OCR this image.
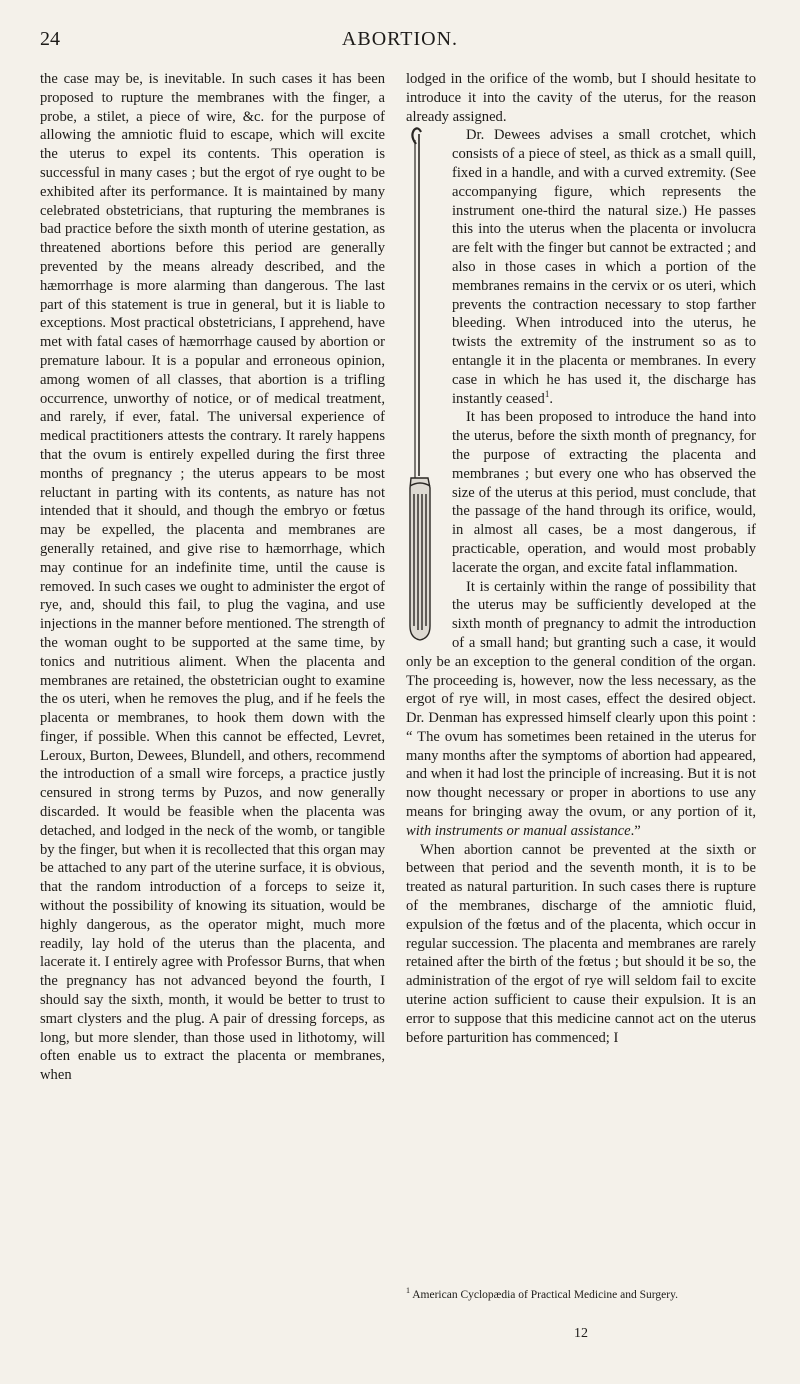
24	ABORTION.

the case may be, is inevitable. In such cases it has been proposed to rupture the membranes with the finger, a probe, a stilet, a piece of wire, &c. for the purpose of allowing the amniotic fluid to escape, which will excite the uterus to expel its contents. This operation is successful in many cases ; but the ergot of rye ought to be exhibited after its performance. It is maintained by many celebrated obstetricians, that rupturing the membranes is bad practice before the sixth month of uterine gestation, as threatened abortions before this period are generally prevented by the means already described, and the hæmorrhage is more alarming than dangerous. The last part of this statement is true in general, but it is liable to exceptions. Most practical obstetricians, I apprehend, have met with fatal cases of hæmorrhage caused by abortion or premature labour. It is a popular and erroneous opinion, among women of all classes, that abortion is a trifling occurrence, unworthy of notice, or of medical treatment, and rarely, if ever, fatal. The universal experience of medical practitioners attests the contrary. It rarely happens that the ovum is entirely expelled during the first three months of pregnancy ; the uterus appears to be most reluctant in parting with its contents, as nature has not intended that it should, and though the embryo or fœtus may be expelled, the placenta and membranes are generally retained, and give rise to hæmorrhage, which may continue for an indefinite time, until the cause is removed. In such cases we ought to administer the ergot of rye, and, should this fail, to plug the vagina, and use injections in the manner before mentioned. The strength of the woman ought to be supported at the same time, by tonics and nutritious aliment. When the placenta and membranes are retained, the obstetrician ought to examine the os uteri, when he removes the plug, and if he feels the placenta or membranes, to hook them down with the finger, if possible. When this cannot be effected, Levret, Leroux, Burton, Dewees, Blundell, and others, recommend the introduction of a small wire forceps, a practice justly censured in strong terms by Puzos, and now generally discarded. It would be feasible when the placenta was detached, and lodged in the neck of the womb, or tangible by the finger, but when it is recollected that this organ may be attached to any part of the uterine surface, it is obvious, that the random introduction of a forceps to seize it, without the possibility of knowing its situation, would be highly dangerous, as the operator might, much more readily, lay hold of the uterus than the placenta, and lacerate it. I entirely agree with Professor Burns, that when the pregnancy has not advanced beyond the fourth, I should say the sixth, month, it would be better to trust to smart clysters and the plug. A pair of dressing forceps, as long, but more slender, than those used in lithotomy, will often enable us to extract the placenta or membranes, when

lodged in the orifice of the womb, but I should hesitate to introduce it into the cavity of the uterus, for the reason already assigned.

Dr. Dewees advises a small crotchet, which consists of a piece of steel, as thick as a small quill, fixed in a handle, and with a curved extremity. (See accompanying figure, which represents the instrument one-third the natural size.) He passes this into the uterus when the placenta or involucra are felt with the finger but cannot be extracted ; and also in those cases in which a portion of the membranes remains in the cervix or os uteri, which prevents the contraction necessary to stop farther bleeding. When introduced into the uterus, he twists the extremity of the instrument so as to entangle it in the placenta or membranes. In every case in which he has used it, the discharge has instantly ceased$^1$.

It has been proposed to introduce the hand into the uterus, before the sixth month of pregnancy, for the purpose of extracting the placenta and membranes ; but every one who has observed the size of the uterus at this period, must conclude, that the passage of the hand through its orifice, would, in almost all cases, be a most dangerous, if practicable, operation, and would most probably lacerate the organ, and excite fatal inflammation.

It is certainly within the range of possibility that the uterus may be sufficiently developed at the sixth month of pregnancy to admit the introduction of a small hand; but granting such a case, it would only be an exception to the general condition of the organ. The proceeding is, however, now the less necessary, as the ergot of rye will, in most cases, effect the desired object. Dr. Denman has expressed himself clearly upon this point : “ The ovum has sometimes been retained in the uterus for many months after the symptoms of abortion had appeared, and when it had lost the principle of increasing. But it is not now thought necessary or proper in abortions to use any means for bringing away the ovum, or any portion of it, with instruments or manual assistance.”

When abortion cannot be prevented at the sixth or between that period and the seventh month, it is to be treated as natural parturition. In such cases there is rupture of the membranes, discharge of the amniotic fluid, expulsion of the fœtus and of the placenta, which occur in regular succession. The placenta and membranes are rarely retained after the birth of the fœtus ; but should it be so, the administration of the ergot of rye will seldom fail to excite uterine action sufficient to cause their expulsion. It is an error to suppose that this medicine cannot act on the uterus before parturition has commenced; I

$^1$ American Cyclopædia of Practical Medicine and Surgery.
12
